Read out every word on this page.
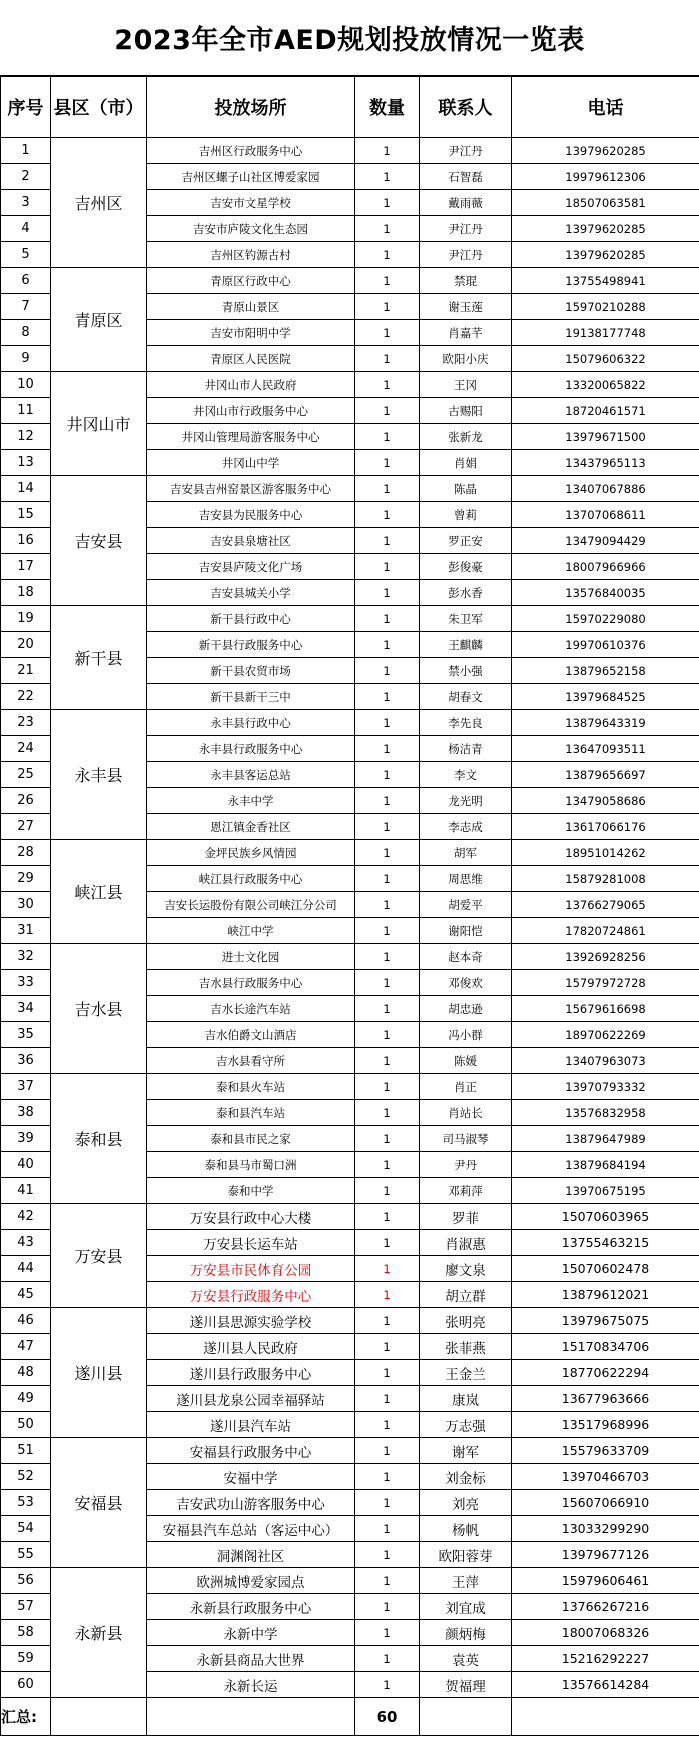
2023年全市AED规划投放情况一览表
序号	县区（市）	投放场所	数量	联系人	电话
1	吉州区	吉州区行政服务中心	1	尹江丹	13979620285
2		吉州区螺子山社区博爱家园	1	石智磊	19979612306
3		吉安市文星学校	1	戴雨薇	18507063581
4		吉安市庐陵文化生态园	1	尹江丹	13979620285
5		吉州区钓源古村	1	尹江丹	13979620285
6	青原区	青原区行政中心	1	禁琨	13755498941
7		青原山景区	1	谢玉莲	15970210288
8		吉安市阳明中学	1	肖嘉芊	19138177748
9		青原区人民医院	1	欧阳小庆	15079606322
10	井冈山市	井冈山市人民政府	1	王冈	13320065822
11		井冈山市行政服务中心	1	古赐阳	18720461571
12		井冈山管理局游客服务中心	1	张新龙	13979671500
13		井冈山中学	1	肖娟	13437965113
14	吉安县	吉安县吉州窑景区游客服务中心	1	陈晶	13407067886
15		吉安县为民服务中心	1	曾莉	13707068611
16		吉安县泉塘社区	1	罗正安	13479094429
17		吉安县庐陵文化广场	1	彭俊豪	18007966966
18		吉安县城关小学	1	彭水香	13576840035
19	新干县	新干县行政中心	1	朱卫军	15970229080
20		新干县行政服务中心	1	王麒麟	19970610376
21		新干县农贸市场	1	禁小强	13879652158
22		新干县新干三中	1	胡春文	13979684525
23	永丰县	永丰县行政中心	1	李先良	13879643319
24		永丰县行政服务中心	1	杨洁青	13647093511
25		永丰县客运总站	1	李文	13879656697
26		永丰中学	1	龙光明	13479058686
27		恩江镇金香社区	1	李志成	13617066176
28	峡江县	金坪民族乡风情园	1	胡军	18951014262
29		峡江县行政服务中心	1	周思维	15879281008
30		吉安长运股份有限公司峡江分公司	1	胡爱平	13766279065
31		峡江中学	1	谢阳恺	17820724861
32	吉水县	进士文化园	1	赵本奇	13926928256
33		吉水县行政服务中心	1	邓俊欢	15797972728
34		吉水长途汽车站	1	胡忠逊	15679616698
35		吉水伯爵文山酒店	1	冯小群	18970622269
36		吉水县看守所	1	陈媛	13407963073
37	泰和县	泰和县火车站	1	肖正	13970793332
38		泰和县汽车站	1	肖站长	13576832958
39		泰和县市民之家	1	司马淑琴	13879647989
40		泰和县马市蜀口洲	1	尹丹	13879684194
41		泰和中学	1	邓莉萍	13970675195
42	万安县	万安县行政中心大楼	1	罗菲	15070603965
43		万安县长运车站	1	肖淑惠	13755463215
44		万安县市民体育公园	1	廖文泉	15070602478
45		万安县行政服务中心	1	胡立群	13879612021
46	遂川县	遂川县思源实验学校	1	张明亮	13979675075
47		遂川县人民政府	1	张菲燕	15170834706
48		遂川县行政服务中心	1	王金兰	18770622294
49		遂川县龙泉公园幸福驿站	1	康岚	13677963666
50		遂川县汽车站	1	万志强	13517968996
51	安福县	安福县行政服务中心	1	谢军	15579633709
52		安福中学	1	刘金标	13970466703
53		吉安武功山游客服务中心	1	刘亮	15607066910
54		安福县汽车总站（客运中心）	1	杨帆	13033299290
55		洞渊阁社区	1	欧阳蓉芽	13979677126
56	永新县	欧洲城博爱家园点	1	王萍	15979606461
57		永新县行政服务中心	1	刘宜成	13766267216
58		永新中学	1	颜炳梅	18007068326
59		永新县商品大世界	1	袁英	15216292227
60		永新长运	1	贺福理	13576614284
汇总:			60		
